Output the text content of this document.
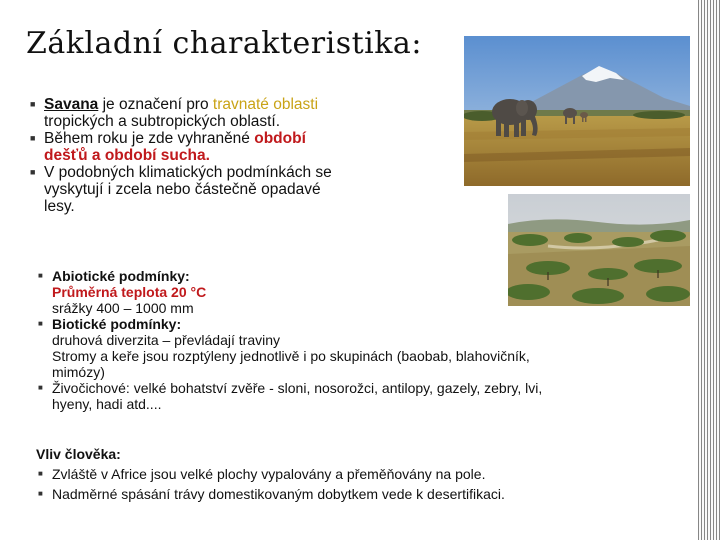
Základní charakteristika:
■ Savana je označení pro travnaté oblasti
tropických a subtropických oblastí.
■ Během roku je zde vyhraněné období
dešťů a období sucha.
■ V podobných klimatických podmínkách se
vyskytují i zcela nebo částečně opadavé
lesy.
■ Abiotické podmínky:
Průměrná teplota 20 °C
srážky 400 – 1000 mm
■ Biotické podmínky:
druhová diverzita – převládají traviny
Stromy a keře jsou rozptýleny jednotlivě i po skupinách (baobab, blahovičník,
mimózy)
■ Živočichové: velké bohatství zvěře - sloni, nosorožci, antilopy, gazely, zebry, lvi,
hyeny, hadi atd....
Vliv člověka:
■ Zvláště v Africe jsou velké plochy vypalovány a přeměňovány na pole.
■ Nadměrné spásání trávy domestikovaným dobytkem vede k desertifikaci.
